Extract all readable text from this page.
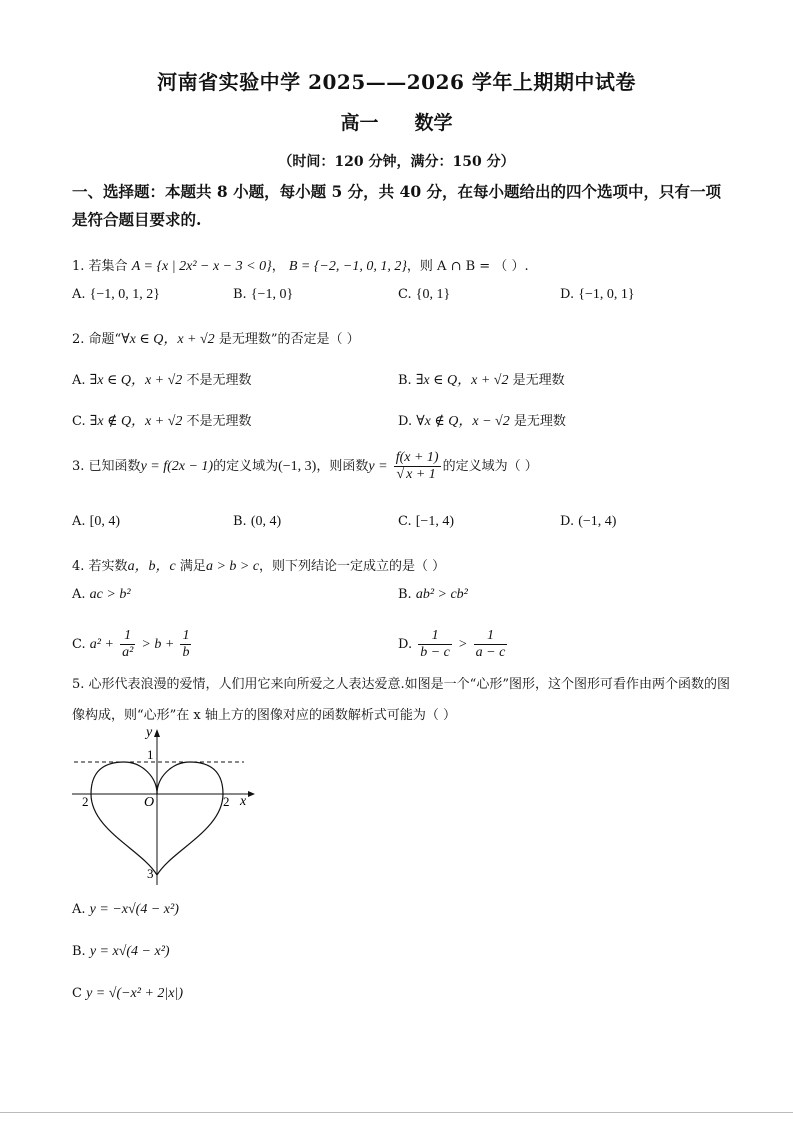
河南省实验中学 2025——2026 学年上期期中试卷
高一 数学
（时间：120 分钟，满分：150 分）
一、选择题：本题共 8 小题，每小题 5 分，共 40 分，在每小题给出的四个选项中，只有一项是符合题目要求的.
1. 若集合 A = {x | 2x² − x − 3 < 0}， B = {−2, −1, 0, 1, 2}，则 A ∩ B = （ ）.
A. {−1, 0, 1, 2}	B. {−1, 0}	C. {0, 1}	D. {−1, 0, 1}
2. 命题“∀x ∈ Q，x + √2 是无理数”的否定是（ ）
A. ∃x ∈ Q，x + √2 不是无理数	B. ∃x ∈ Q，x + √2 是无理数
C. ∃x ∉ Q，x + √2 不是无理数	D. ∀x ∉ Q，x − √2 是无理数
3. 已知函数y = f(2x − 1)的定义域为(−1, 3)，则函数$y = \frac{f(x + 1)}{√ x + 1}$ 的定义域为（ ）
A. [0, 4)	B. (0, 4)	C. [−1, 4)	D. (−1, 4)
4. 若实数a，b，c 满足a > b > c，则下列结论一定成立的是（ ）
A. ac > b²	B. ab² > cb²
C. $a^2 + \frac{1}{\text{a²}} > b + \frac{1}{b}$	D. $\frac{1}{b - c} > \frac{1}{a - c}$
5. 心形代表浪漫的爱情，人们用它来向所爱之人表达爱意.如图是一个“心形”图形，这个图形可看作由两个函数的图像构成，则“心形”在 x 轴上方的图像对应的函数解析式可能为（ ）
y
x
O
1
2	2
3
A. y = −x√(4 − x²)
B. y = x√(4 − x²)
C y = √(−x² + 2|x|)
